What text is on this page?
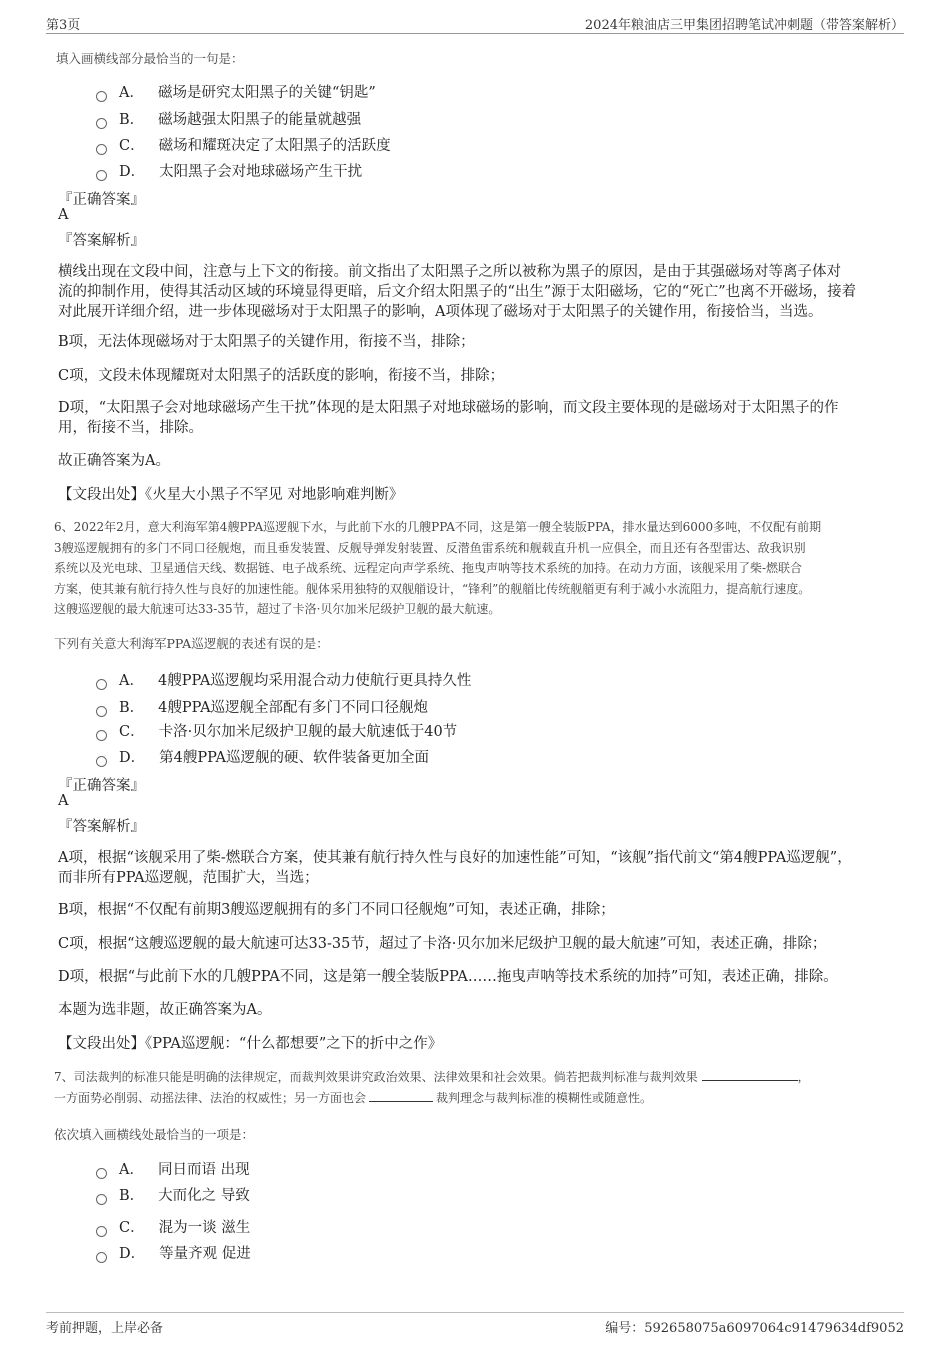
第3页	2024年粮油店三甲集团招聘笔试冲刺题（带答案解析）
填入画横线部分最恰当的一句是：
A． 磁场是研究太阳黑子的关键“钥匙”
B． 磁场越强太阳黑子的能量就越强
C． 磁场和耀斑决定了太阳黑子的活跃度
D． 太阳黑子会对地球磁场产生干扰
『正确答案』
A
『答案解析』
横线出现在文段中间，注意与上下文的衔接。前文指出了太阳黑子之所以被称为黑子的原因，是由于其强磁场对等离子体对
流的抑制作用，使得其活动区域的环境显得更暗，后文介绍太阳黑子的“出生”源于太阳磁场，它的“死亡”也离不开磁场，接着
对此展开详细介绍，进一步体现磁场对于太阳黑子的影响，A项体现了磁场对于太阳黑子的关键作用，衔接恰当，当选。
B项，无法体现磁场对于太阳黑子的关键作用，衔接不当，排除；
C项，文段未体现耀斑对太阳黑子的活跃度的影响，衔接不当，排除；
D项，“太阳黑子会对地球磁场产生干扰”体现的是太阳黑子对地球磁场的影响，而文段主要体现的是磁场对于太阳黑子的作
用，衔接不当，排除。
故正确答案为A。
【文段出处】《火星大小黑子不罕见 对地影响难判断》
6、2022年2月，意大利海军第4艘PPA巡逻舰下水，与此前下水的几艘PPA不同，这是第一艘全装版PPA，排水量达到6000多吨，不仅配有前期
3艘巡逻舰拥有的多门不同口径舰炮，而且垂发装置、反舰导弹发射装置、反潜鱼雷系统和舰载直升机一应俱全，而且还有各型雷达、敌我识别
系统以及光电球、卫星通信天线、数据链、电子战系统、远程定向声学系统、拖曳声呐等技术系统的加持。在动力方面，该舰采用了柴-燃联合
方案，使其兼有航行持久性与良好的加速性能。舰体采用独特的双舰艏设计，“锋利”的舰艏比传统舰艏更有利于减小水流阻力，提高航行速度。
这艘巡逻舰的最大航速可达33-35节，超过了卡洛·贝尔加米尼级护卫舰的最大航速。
下列有关意大利海军PPA巡逻舰的表述有误的是：
A． 4艘PPA巡逻舰均采用混合动力使航行更具持久性
B． 4艘PPA巡逻舰全部配有多门不同口径舰炮
C． 卡洛·贝尔加米尼级护卫舰的最大航速低于40节
D． 第4艘PPA巡逻舰的硬、软件装备更加全面
『正确答案』
A
『答案解析』
A项，根据“该舰采用了柴-燃联合方案，使其兼有航行持久性与良好的加速性能”可知，“该舰”指代前文“第4艘PPA巡逻舰”，
而非所有PPA巡逻舰，范围扩大，当选；
B项，根据“不仅配有前期3艘巡逻舰拥有的多门不同口径舰炮”可知，表述正确，排除；
C项，根据“这艘巡逻舰的最大航速可达33-35节，超过了卡洛·贝尔加米尼级护卫舰的最大航速”可知，表述正确，排除；
D项，根据“与此前下水的几艘PPA不同，这是第一艘全装版PPA……拖曳声呐等技术系统的加持”可知，表述正确，排除。
本题为选非题，故正确答案为A。
【文段出处】《PPA巡逻舰：“什么都想要”之下的折中之作》
7、司法裁判的标准只能是明确的法律规定，而裁判效果讲究政治效果、法律效果和社会效果。倘若把裁判标准与裁判效果	，
一方面势必削弱、动摇法律、法治的权威性；另一方面也会	裁判理念与裁判标准的模糊性或随意性。
依次填入画横线处最恰当的一项是：
A． 同日而语 出现
B． 大而化之 导致
C． 混为一谈 滋生
D． 等量齐观 促进
考前押题，上岸必备	编号：592658075a6097064c91479634df9052
